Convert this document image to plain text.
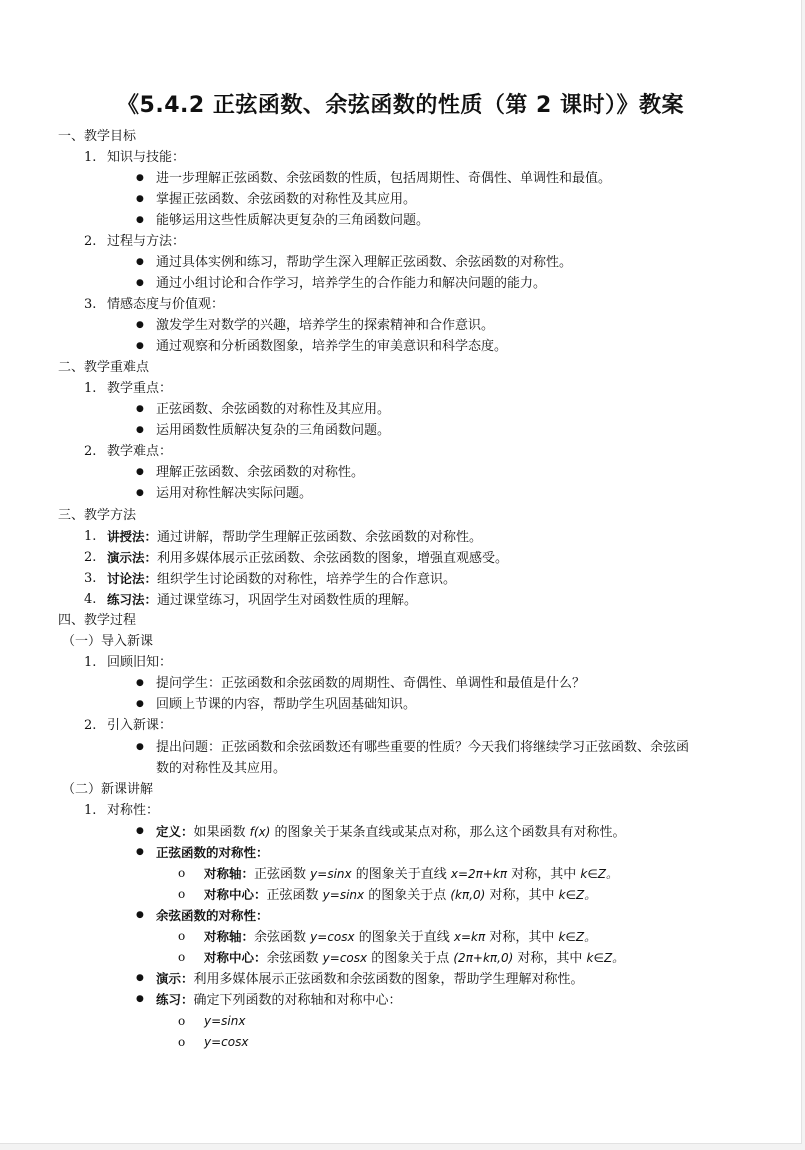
《5.4.2 正弦函数、余弦函数的性质（第 2 课时）》教案
一、教学目标
1. 知识与技能：
● 进一步理解正弦函数、余弦函数的性质，包括周期性、奇偶性、单调性和最值。
● 掌握正弦函数、余弦函数的对称性及其应用。
● 能够运用这些性质解决更复杂的三角函数问题。
2. 过程与方法：
● 通过具体实例和练习，帮助学生深入理解正弦函数、余弦函数的对称性。
● 通过小组讨论和合作学习，培养学生的合作能力和解决问题的能力。
3. 情感态度与价值观：
● 激发学生对数学的兴趣，培养学生的探索精神和合作意识。
● 通过观察和分析函数图象，培养学生的审美意识和科学态度。
二、教学重难点
1. 教学重点：
● 正弦函数、余弦函数的对称性及其应用。
● 运用函数性质解决复杂的三角函数问题。
2. 教学难点：
● 理解正弦函数、余弦函数的对称性。
● 运用对称性解决实际问题。
三、教学方法
1. 讲授法：通过讲解，帮助学生理解正弦函数、余弦函数的对称性。
2. 演示法：利用多媒体展示正弦函数、余弦函数的图象，增强直观感受。
3. 讨论法：组织学生讨论函数的对称性，培养学生的合作意识。
4. 练习法：通过课堂练习，巩固学生对函数性质的理解。
四、教学过程
（一）导入新课
1. 回顾旧知：
● 提问学生：正弦函数和余弦函数的周期性、奇偶性、单调性和最值是什么？
● 回顾上节课的内容，帮助学生巩固基础知识。
2. 引入新课：
● 提出问题：正弦函数和余弦函数还有哪些重要的性质？今天我们将继续学习正弦函数、余弦函
数的对称性及其应用。
（二）新课讲解
1. 对称性：
● 定义：如果函数 f(x) 的图象关于某条直线或某点对称，那么这个函数具有对称性。
● 正弦函数的对称性：
o 对称轴：正弦函数 y=sinx 的图象关于直线 x=2π+kπ 对称，其中 k∈Z。
o 对称中心：正弦函数 y=sinx 的图象关于点 (kπ,0) 对称，其中 k∈Z。
● 余弦函数的对称性：
o 对称轴：余弦函数 y=cosx 的图象关于直线 x=kπ 对称，其中 k∈Z。
o 对称中心：余弦函数 y=cosx 的图象关于点 (2π+kπ,0) 对称，其中 k∈Z。
● 演示：利用多媒体展示正弦函数和余弦函数的图象，帮助学生理解对称性。
● 练习：确定下列函数的对称轴和对称中心：
o y=sinx
o y=cosx
